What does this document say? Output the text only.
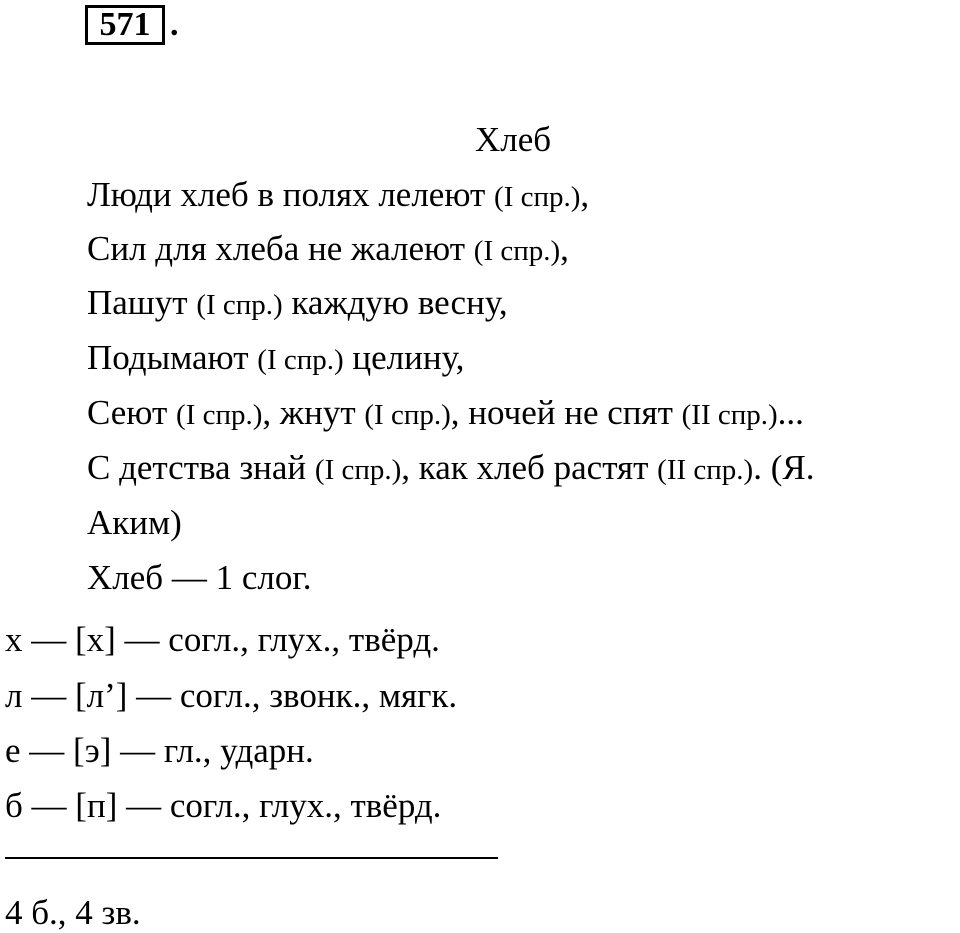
571 .
Хлеб
Люди хлеб в полях лелеют (I спр.),
Сил для хлеба не жалеют (I спр.),
Пашут (I спр.) каждую весну,
Подымают (I спр.) целину,
Сеют (I спр.), жнут (I спр.), ночей не спят (II спр.)...
С детства знай (I спр.), как хлеб растят (II спр.). (Я.
Аким)
Хлеб — 1 слог.
х — [х] — согл., глух., твёрд.
л — [л’] — согл., звонк., мягк.
е — [э] — гл., ударн.
б — [п] — согл., глух., твёрд.
4 б., 4 зв.
